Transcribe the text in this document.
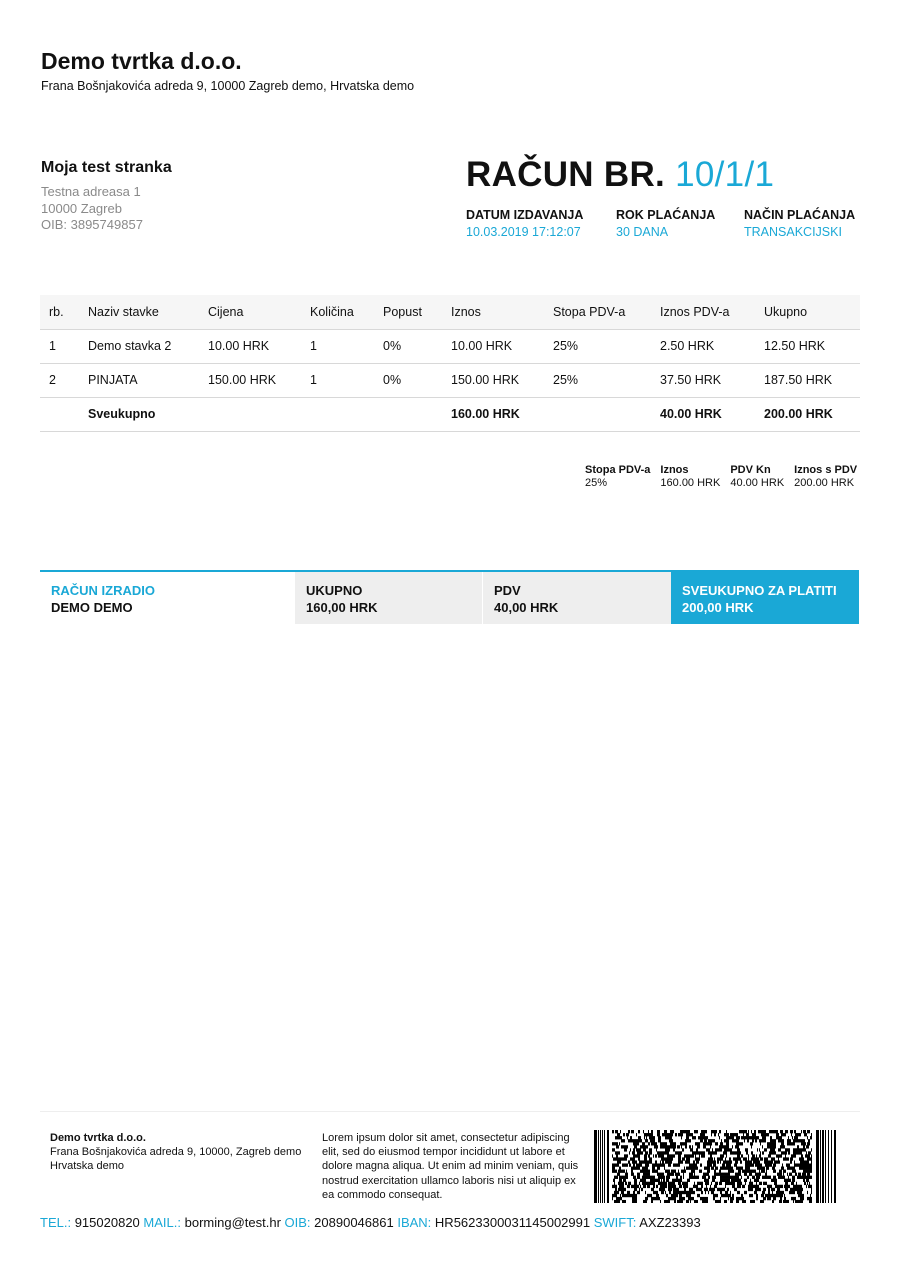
Demo tvrtka d.o.o.
Frana Bošnjakovića adreda 9, 10000 Zagreb demo, Hrvatska demo
Moja test stranka
Testna adreasa 1
10000 Zagreb
OIB: 3895749857
RAČUN BR. 10/1/1
DATUM IZDAVANJA
10.03.2019 17:12:07
ROK PLAĆANJA
30 DANA
NAČIN PLAĆANJA
TRANSAKCIJSKI
rb.	Naziv stavke	Cijena	Količina	Popust	Iznos	Stopa PDV-a	Iznos PDV-a	Ukupno
1	Demo stavka 2	10.00 HRK	1	0%	10.00 HRK	25%	2.50 HRK	12.50 HRK
2	PINJATA	150.00 HRK	1	0%	150.00 HRK	25%	37.50 HRK	187.50 HRK
	Sveukupno				160.00 HRK		40.00 HRK	200.00 HRK
Stopa PDV-a	Iznos	PDV Kn	Iznos s PDV
25%	160.00 HRK	40.00 HRK	200.00 HRK
RAČUN IZRADIO
DEMO DEMO
UKUPNO
160,00 HRK
PDV
40,00 HRK
SVEUKUPNO ZA PLATITI
200,00 HRK
Demo tvrtka d.o.o.
Frana Bošnjakovića adreda 9, 10000, Zagreb demo
Hrvatska demo
Lorem ipsum dolor sit amet, consectetur adipiscing elit, sed do eiusmod tempor incididunt ut labore et dolore magna aliqua. Ut enim ad minim veniam, quis nostrud exercitation ullamco laboris nisi ut aliquip ex ea commodo consequat.
TEL.: 915020820 MAIL.: borming@test.hr OIB: 20890046861 IBAN: HR5623300031145002991 SWIFT: AXZ23393
